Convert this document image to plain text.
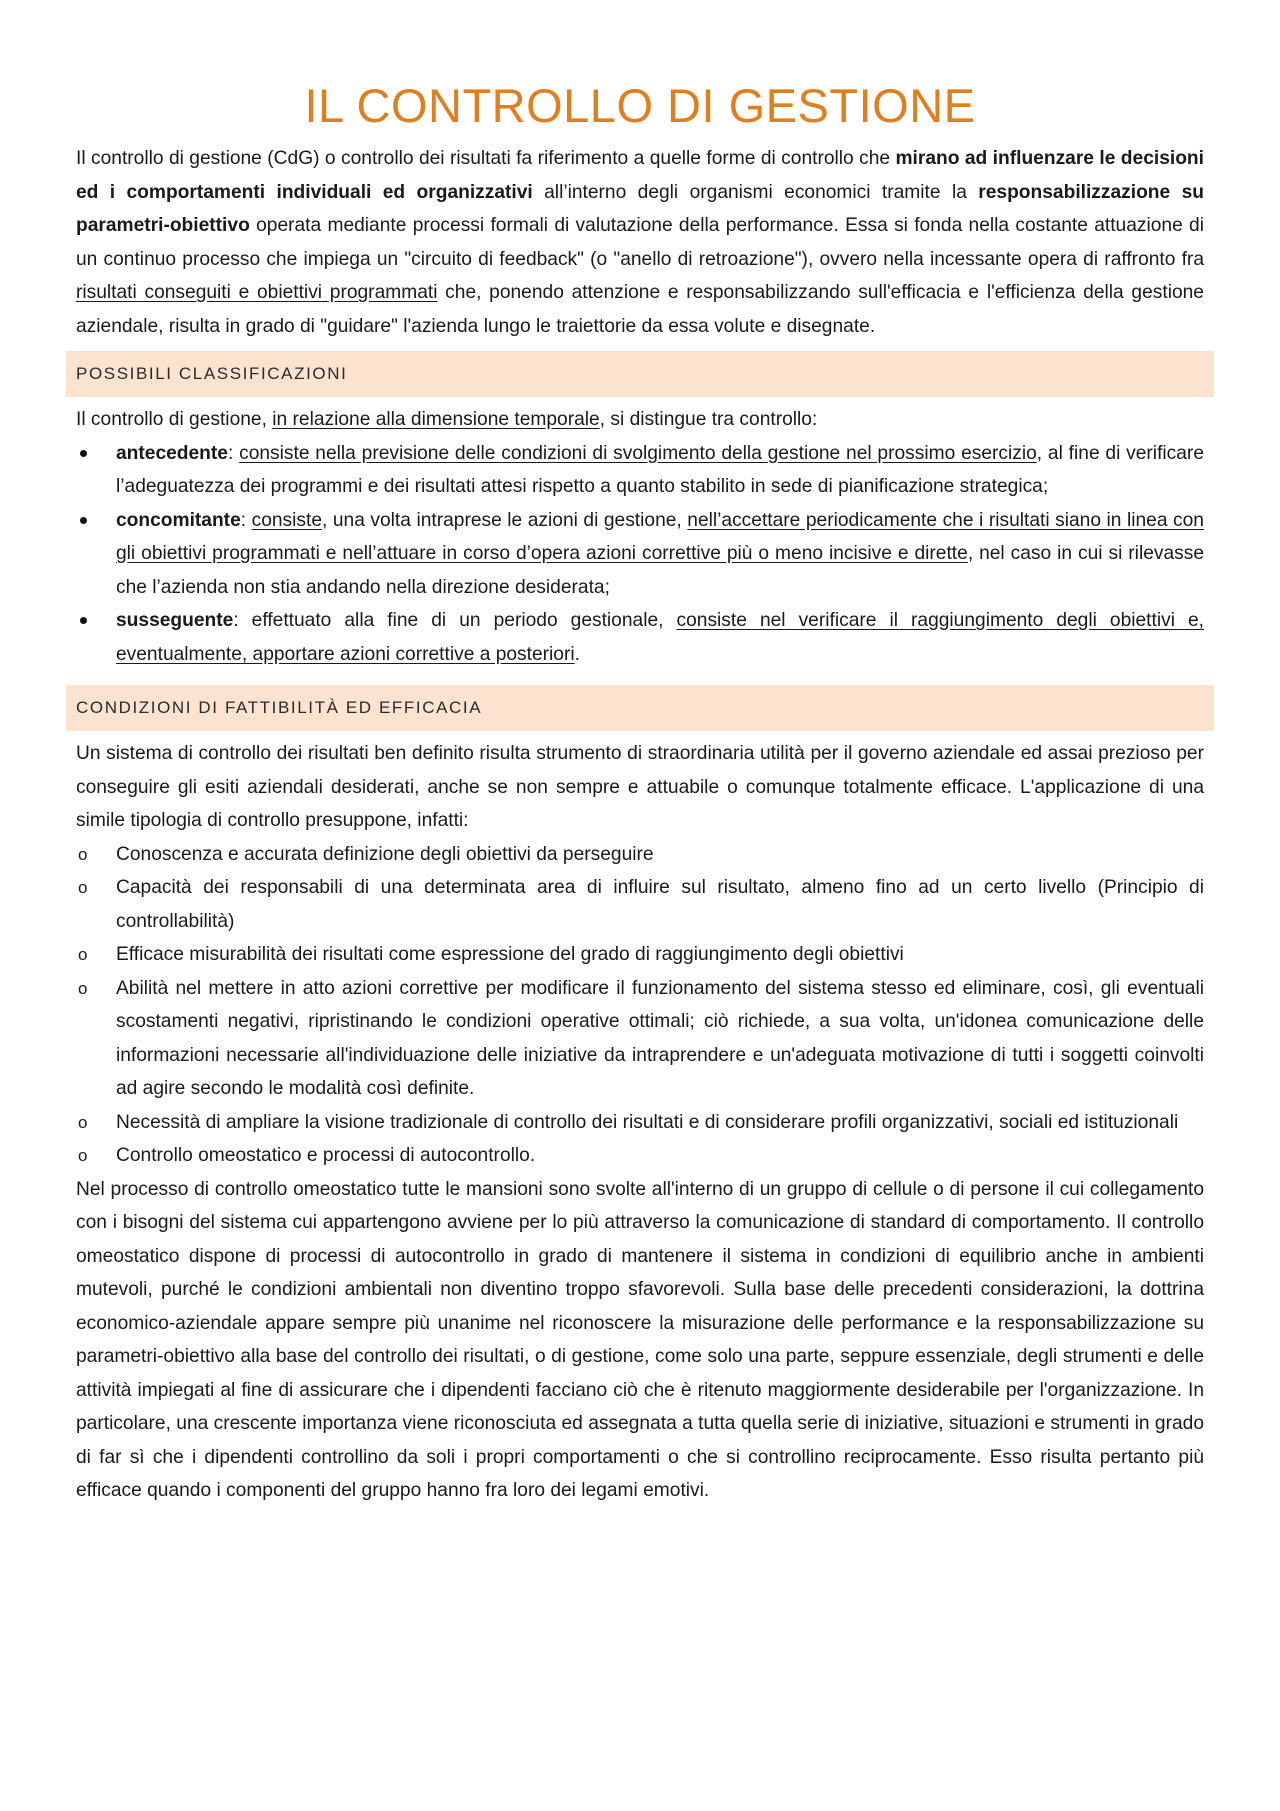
IL CONTROLLO DI GESTIONE

Il controllo di gestione (CdG) o controllo dei risultati fa riferimento a quelle forme di controllo che mirano ad influenzare le decisioni ed i comportamenti individuali ed organizzativi all’interno degli organismi economici tramite la responsabilizzazione su parametri-obiettivo operata mediante processi formali di valutazione della performance. Essa si fonda nella costante attuazione di un continuo processo che impiega un "circuito di feedback" (o "anello di retroazione"), ovvero nella incessante opera di raffronto fra risultati conseguiti e obiettivi programmati che, ponendo attenzione e responsabilizzando sull'efficacia e l'efficienza della gestione aziendale, risulta in grado di "guidare" l'azienda lungo le traiettorie da essa volute e disegnate.

POSSIBILI CLASSIFICAZIONI

Il controllo di gestione, in relazione alla dimensione temporale, si distingue tra controllo:

antecedente: consiste nella previsione delle condizioni di svolgimento della gestione nel prossimo esercizio, al fine di verificare l’adeguatezza dei programmi e dei risultati attesi rispetto a quanto stabilito in sede di pianificazione strategica;
concomitante: consiste, una volta intraprese le azioni di gestione, nell’accettare periodicamente che i risultati siano in linea con gli obiettivi programmati e nell’attuare in corso d’opera azioni correttive più o meno incisive e dirette, nel caso in cui si rilevasse che l’azienda non stia andando nella direzione desiderata;
susseguente: effettuato alla fine di un periodo gestionale, consiste nel verificare il raggiungimento degli obiettivi e, eventualmente, apportare azioni correttive a posteriori.
CONDIZIONI DI FATTIBILITÀ ED EFFICACIA

Un sistema di controllo dei risultati ben definito risulta strumento di straordinaria utilità per il governo aziendale ed assai prezioso per conseguire gli esiti aziendali desiderati, anche se non sempre e attuabile o comunque totalmente efficace. L'applicazione di una simile tipologia di controllo presuppone, infatti:

o	Conoscenza e accurata definizione degli obiettivi da perseguire
o	Capacità dei responsabili di una determinata area di influire sul risultato, almeno fino ad un certo livello (Principio di controllabilità)
o	Efficace misurabilità dei risultati come espressione del grado di raggiungimento degli obiettivi
o	Abilità nel mettere in atto azioni correttive per modificare il funzionamento del sistema stesso ed eliminare, così, gli eventuali scostamenti negativi, ripristinando le condizioni operative ottimali; ciò richiede, a sua volta, un'idonea comunicazione delle informazioni necessarie all'individuazione delle iniziative da intraprendere e un'adeguata motivazione di tutti i soggetti coinvolti ad agire secondo le modalità così definite.
o	Necessità di ampliare la visione tradizionale di controllo dei risultati e di considerare profili organizzativi, sociali ed istituzionali
o	Controllo omeostatico e processi di autocontrollo.

Nel processo di controllo omeostatico tutte le mansioni sono svolte all'interno di un gruppo di cellule o di persone il cui collegamento con i bisogni del sistema cui appartengono avviene per lo più attraverso la comunicazione di standard di comportamento. Il controllo omeostatico dispone di processi di autocontrollo in grado di mantenere il sistema in condizioni di equilibrio anche in ambienti mutevoli, purché le condizioni ambientali non diventino troppo sfavorevoli. Sulla base delle precedenti considerazioni, la dottrina economico-aziendale appare sempre più unanime nel riconoscere la misurazione delle performance e la responsabilizzazione su parametri-obiettivo alla base del controllo dei risultati, o di gestione, come solo una parte, seppure essenziale, degli strumenti e delle attività impiegati al fine di assicurare che i dipendenti facciano ciò che è ritenuto maggiormente desiderabile per l'organizzazione. In particolare, una crescente importanza viene riconosciuta ed assegnata a tutta quella serie di iniziative, situazioni e strumenti in grado di far sì che i dipendenti controllino da soli i propri comportamenti o che si controllino reciprocamente. Esso risulta pertanto più efficace quando i componenti del gruppo hanno fra loro dei legami emotivi.
